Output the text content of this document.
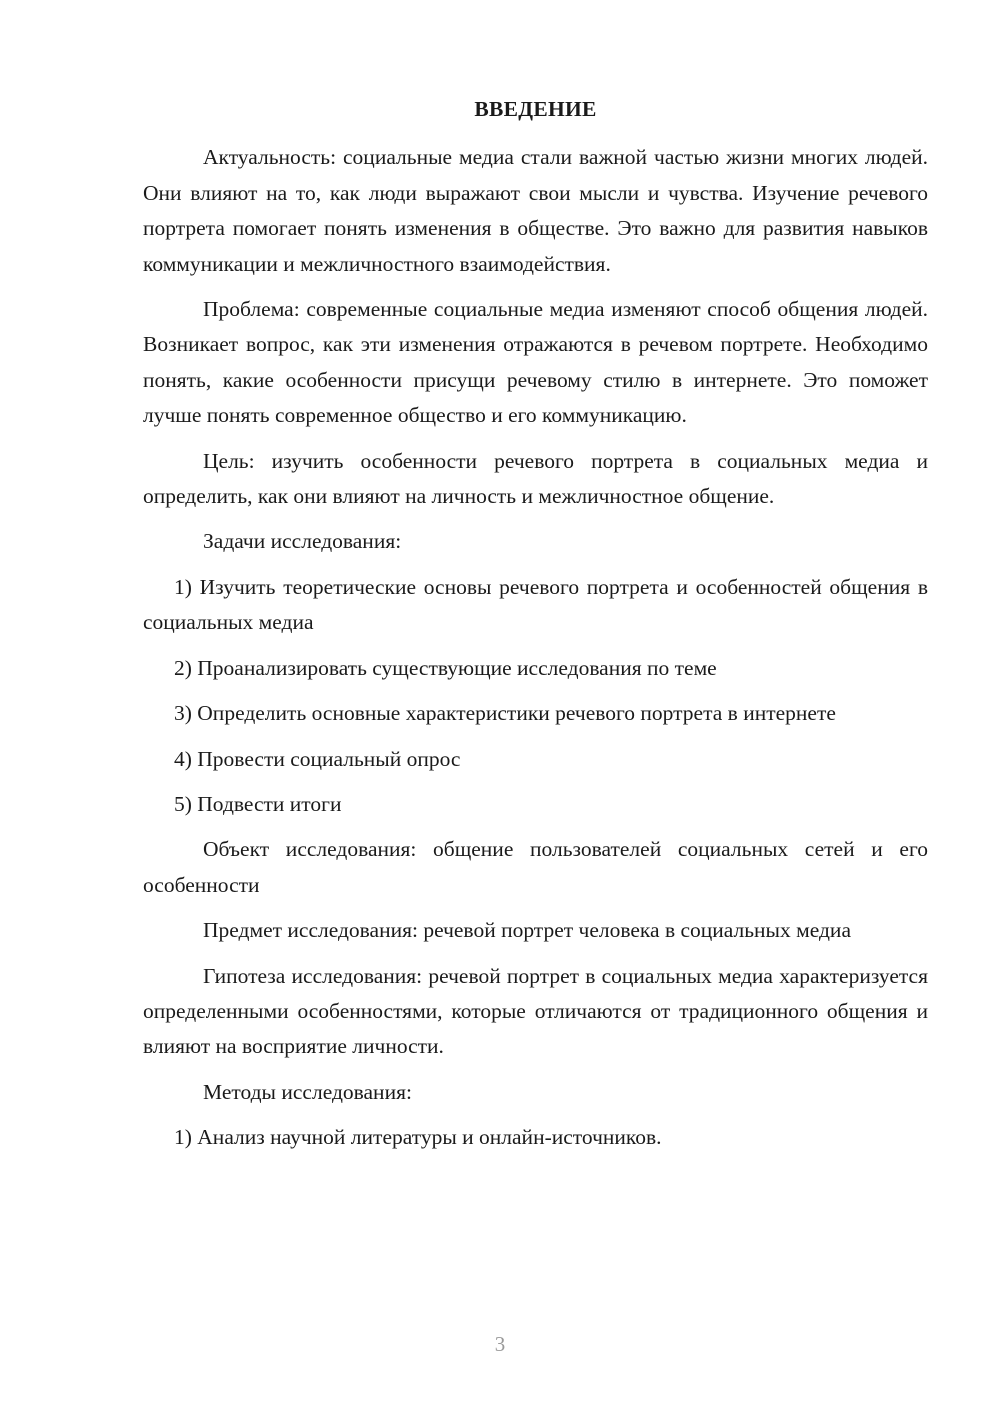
ВВЕДЕНИЕ

Актуальность: социальные медиа стали важной частью жизни многих людей. Они влияют на то, как люди выражают свои мысли и чувства. Изучение речевого портрета помогает понять изменения в обществе. Это важно для развития навыков коммуникации и межличностного взаимодействия.

Проблема: современные социальные медиа изменяют способ общения людей. Возникает вопрос, как эти изменения отражаются в речевом портрете. Необходимо понять, какие особенности присущи речевому стилю в интернете. Это поможет лучше понять современное общество и его коммуникацию.

Цель: изучить особенности речевого портрета в социальных медиа и определить, как они влияют на личность и межличностное общение.

Задачи исследования:

1) Изучить теоретические основы речевого портрета и особенностей общения в социальных медиа

2) Проанализировать существующие исследования по теме

3) Определить основные характеристики речевого портрета в интернете

4) Провести социальный опрос

5) Подвести итоги

Объект исследования: общение пользователей социальных сетей и его особенности

Предмет исследования: речевой портрет человека в социальных медиа

Гипотеза исследования: речевой портрет в социальных медиа характеризуется определенными особенностями, которые отличаются от традиционного общения и влияют на восприятие личности.

Методы исследования:

1) Анализ научной литературы и онлайн-источников.

3
